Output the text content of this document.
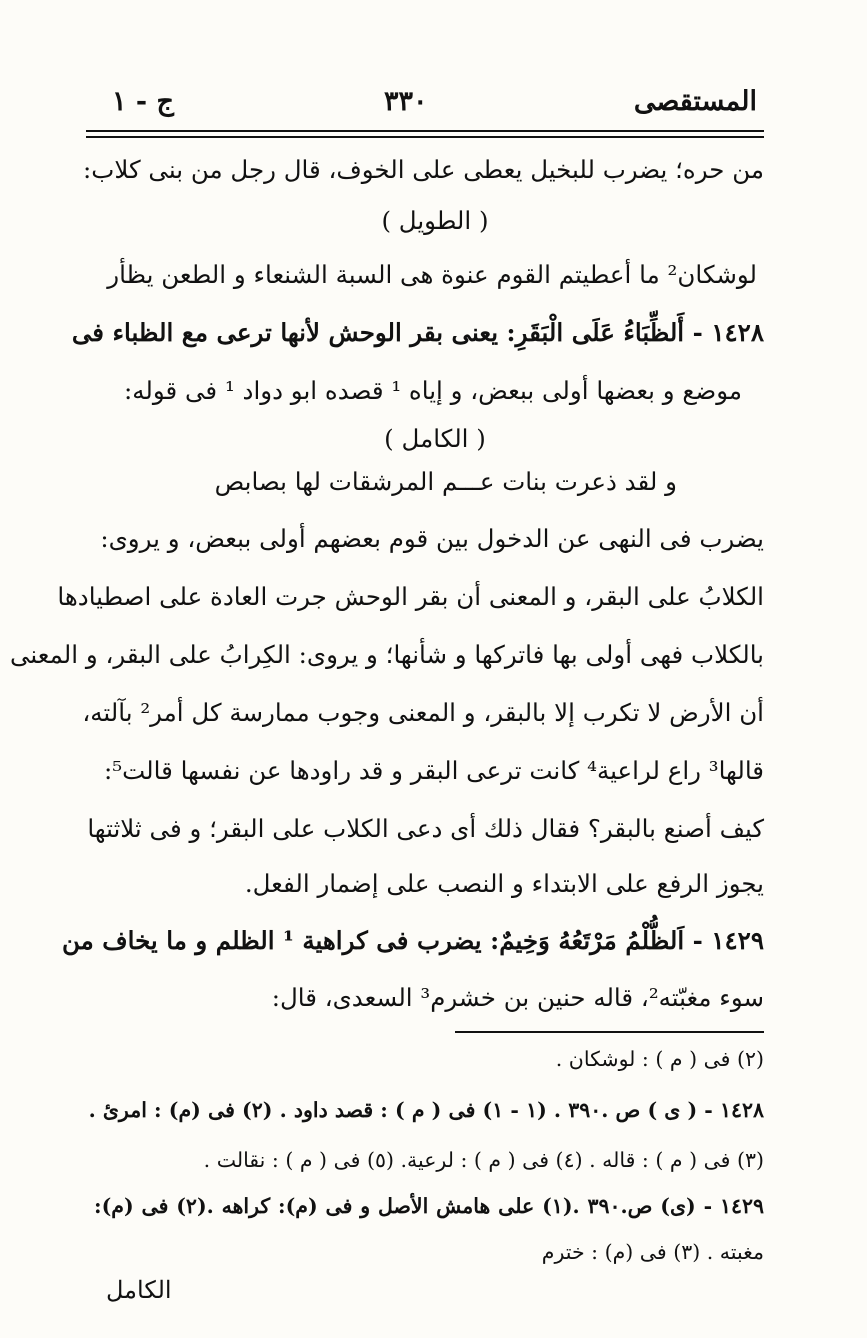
المستقصى
٣٣٠
ج - ١
من حره؛ يضرب للبخيل يعطى على الخوف، قال رجل من بنى كلاب:
( الطويل )
لوشكان² ما أعطيتم القوم عنوة هى السبة الشنعاء و الطعن يظأر
١٤٢٨ - أَلظِّبَاءُ عَلَى الْبَقَرِ: يعنى بقر الوحش لأنها ترعى مع الظباء فى
موضع و بعضها أولى ببعض، و إياه ¹ قصده ابو دواد ¹ فى قوله:
( الكامل )
و لقد ذعرت بنات عـــم المرشقات لها بصابص
يضرب فى النهى عن الدخول بين قوم بعضهم أولى ببعض، و يروى:
الكلابُ على البقر، و المعنى أن بقر الوحش جرت العادة على اصطيادها
بالكلاب فهى أولى بها فاتركها و شأنها؛ و يروى: الكِرابُ على البقر، و المعنى
أن الأرض لا تكرب إلا بالبقر، و المعنى وجوب ممارسة كل أمر² بآلته،
قالها³ راع لراعية⁴ كانت ترعى البقر و قد راودها عن نفسها قالت⁵:
كيف أصنع بالبقر؟ فقال ذلك أى دعى الكلاب على البقر؛ و فى ثلاثتها
يجوز الرفع على الابتداء و النصب على إضمار الفعل.
١٤٢٩ - اَلظُّلْمُ مَرْتَعُهُ وَخِيمٌ: يضرب فى كراهية ¹ الظلم و ما يخاف من
سوء مغبّته²، قاله حنين بن خشرم³ السعدى، قال:
(٢) فى ( م ) : لوشكان .
١٤٢٨ - ( ى ) ص .٣٩٠ . (١ - ١) فى ( م ) : قصد داود . (٢) فى (م) : امرئ .
(٣) فى ( م ) : قاله . (٤) فى ( م ) : لرعية. (٥) فى ( م ) : نقالت .
١٤٢٩ - (ى) ص.٣٩٠ .(١) على هامش الأصل و فى (م): كراهه .(٢) فى (م):
مغبته . (٣) فى (م) : خترم
الكامل
